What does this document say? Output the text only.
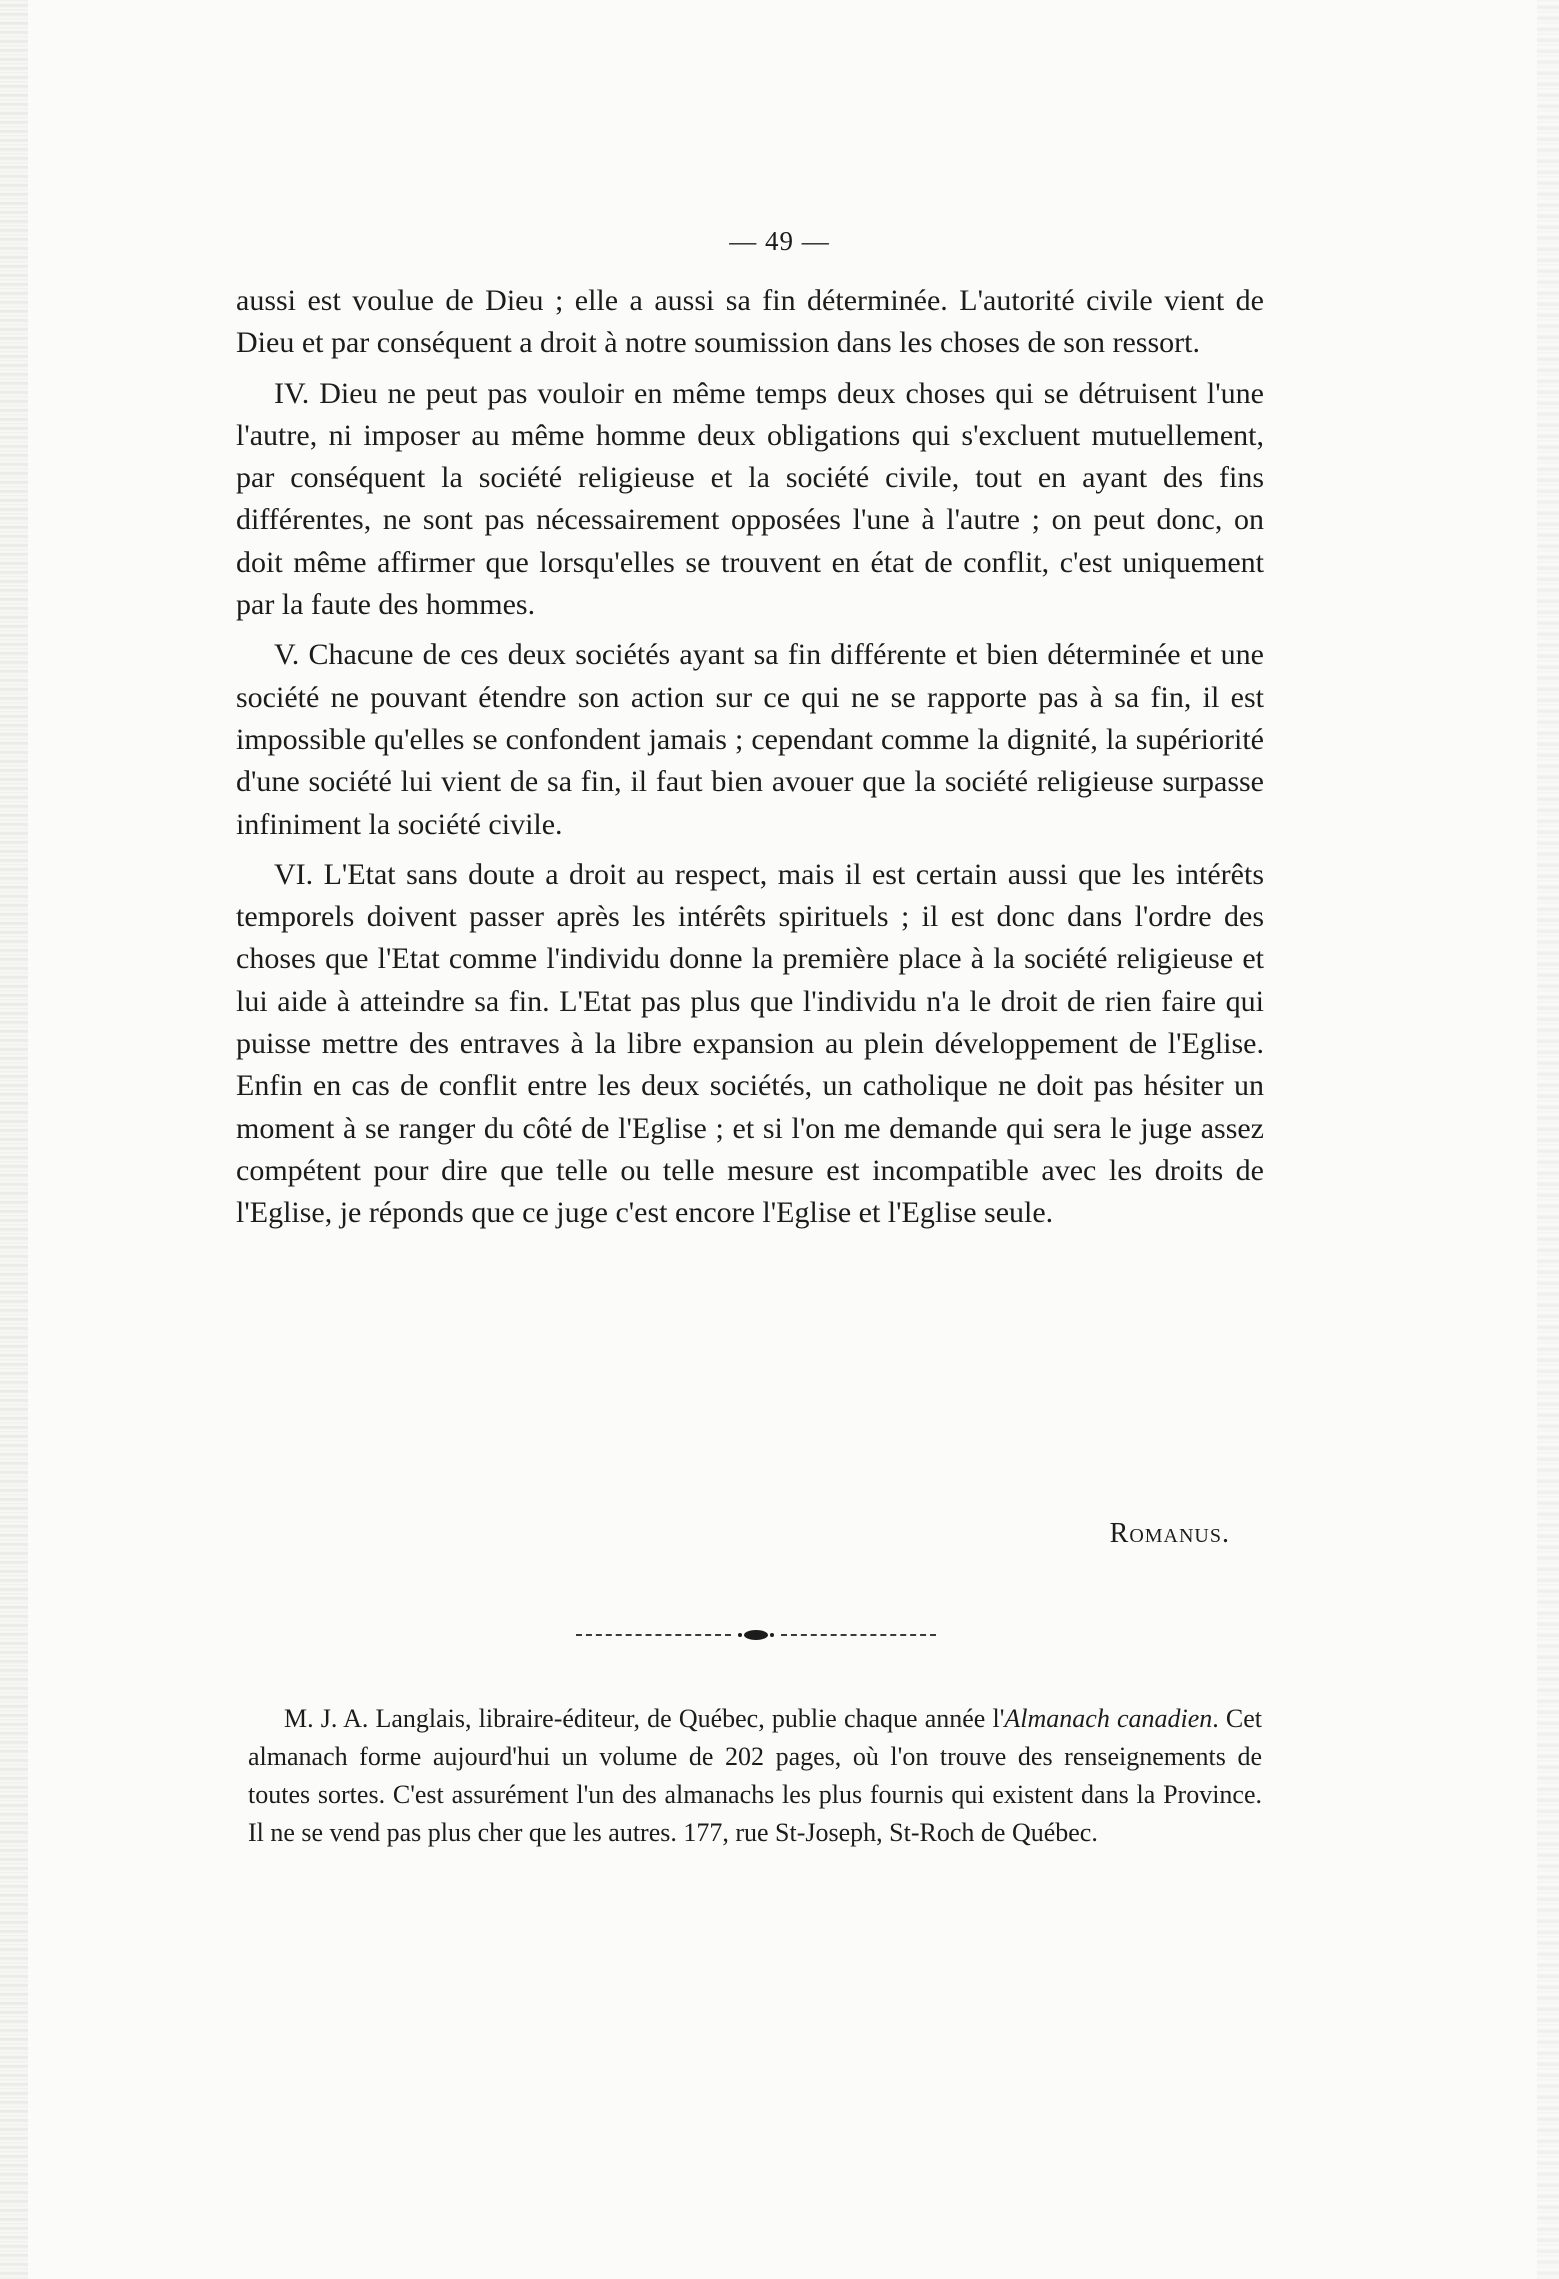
— 49 —

aussi est voulue de Dieu ; elle a aussi sa fin déterminée. L'autorité civile vient de Dieu et par conséquent a droit à notre soumission dans les choses de son ressort.

IV. Dieu ne peut pas vouloir en même temps deux choses qui se détruisent l'une l'autre, ni imposer au même homme deux obligations qui s'excluent mutuellement, par conséquent la société religieuse et la société civile, tout en ayant des fins différentes, ne sont pas nécessairement opposées l'une à l'autre ; on peut donc, on doit même affirmer que lorsqu'elles se trouvent en état de conflit, c'est uniquement par la faute des hommes.

V. Chacune de ces deux sociétés ayant sa fin différente et bien déterminée et une société ne pouvant étendre son action sur ce qui ne se rapporte pas à sa fin, il est impossible qu'elles se confondent jamais ; cependant comme la dignité, la supériorité d'une société lui vient de sa fin, il faut bien avouer que la société religieuse surpasse infiniment la société civile.

VI. L'Etat sans doute a droit au respect, mais il est certain aussi que les intérêts temporels doivent passer après les intérêts spirituels ; il est donc dans l'ordre des choses que l'Etat comme l'individu donne la première place à la société religieuse et lui aide à atteindre sa fin. L'Etat pas plus que l'individu n'a le droit de rien faire qui puisse mettre des entraves à la libre expansion au plein développement de l'Eglise. Enfin en cas de conflit entre les deux sociétés, un catholique ne doit pas hésiter un moment à se ranger du côté de l'Eglise ; et si l'on me demande qui sera le juge assez compétent pour dire que telle ou telle mesure est incompatible avec les droits de l'Eglise, je réponds que ce juge c'est encore l'Eglise et l'Eglise seule.

Romanus.

M. J. A. Langlais, libraire-éditeur, de Québec, publie chaque année l'Almanach canadien. Cet almanach forme aujourd'hui un volume de 202 pages, où l'on trouve des renseignements de toutes sortes. C'est assurément l'un des almanachs les plus fournis qui existent dans la Province. Il ne se vend pas plus cher que les autres. 177, rue St-Joseph, St-Roch de Québec.
